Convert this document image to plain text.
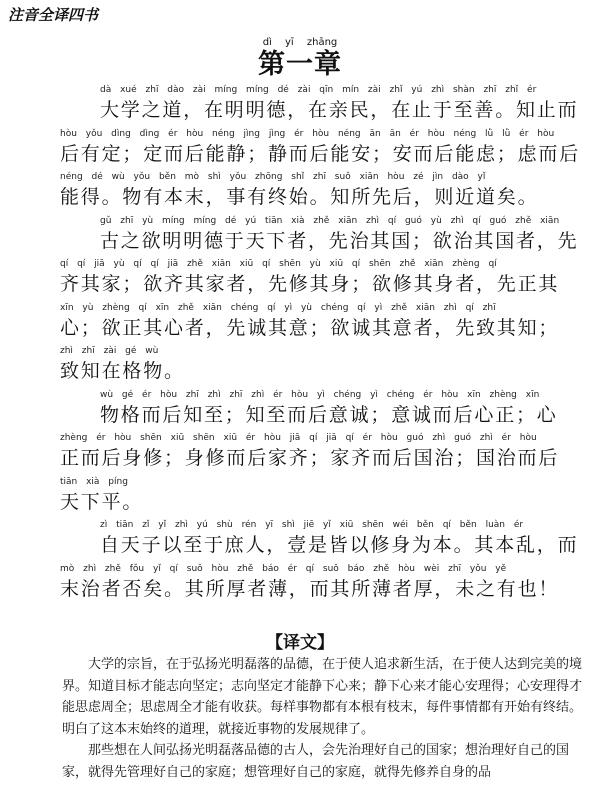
注音全译四书
dì yī zhāng
第一章
dà xué zhī dào zài míng míng dé zài qīn mín zài zhǐ yú zhì shàn zhī zhǐ ér
大学之道，在明明德，在亲民，在止于至善。知止而
hòu yǒu dìng dìng ér hòu néng jìng jìng ér hòu néng ān ān ér hòu néng lǜ lǜ ér hòu
后有定；定而后能静；静而后能安；安而后能虑；虑而后
néng dé wù yǒu běn mò shì yǒu zhōng shǐ zhī suǒ xiān hòu zé jìn dào yǐ
能得。物有本末，事有终始。知所先后，则近道矣。
gǔ zhī yù míng míng dé yú tiān xià zhě xiān zhì qí guó yù zhì qí guó zhě xiān
古之欲明明德于天下者，先治其国；欲治其国者，先
qí qí jiā yù qí qí jiā zhě xiān xiū qí shēn yù xiū qí shēn zhě xiān zhèng qí
齐其家；欲齐其家者，先修其身；欲修其身者，先正其
xīn yù zhèng qí xīn zhě xiān chéng qí yì yù chéng qí yì zhě xiān zhì qí zhī
心；欲正其心者，先诚其意；欲诚其意者，先致其知；
zhì zhī zài gé wù
致知在格物。
wù gé ér hòu zhī zhì zhī zhì ér hòu yì chéng yì chéng ér hòu xīn zhèng xīn
物格而后知至；知至而后意诚；意诚而后心正；心
zhèng ér hòu shēn xiū shēn xiū ér hòu jiā qí jiā qí ér hòu guó zhì guó zhì ér hòu
正而后身修；身修而后家齐；家齐而后国治；国治而后
tiān xià píng
天下平。
zì tiān zǐ yǐ zhì yú shù rén yī shì jiē yǐ xiū shēn wéi běn qí běn luàn ér
自天子以至于庶人，壹是皆以修身为本。其本乱，而
mò zhì zhě fǒu yǐ qí suǒ hòu zhě báo ér qí suǒ báo zhě hòu wèi zhī yǒu yě
末治者否矣。其所厚者薄，而其所薄者厚，未之有也！
【译文】

大学的宗旨，在于弘扬光明磊落的品德，在于使人追求新生活，在于使人达到完美的境界。知道目标才能志向坚定；志向坚定才能静下心来；静下心来才能心安理得；心安理得才能思虑周全；思虑周全才能有收获。每样事物都有本根有枝末，每件事情都有开始有终结。明白了这本末始终的道理，就接近事物的发展规律了。

那些想在人间弘扬光明磊落品德的古人，会先治理好自己的国家；想治理好自己的国家，就得先管理好自己的家庭；想管理好自己的家庭，就得先修养自身的品
